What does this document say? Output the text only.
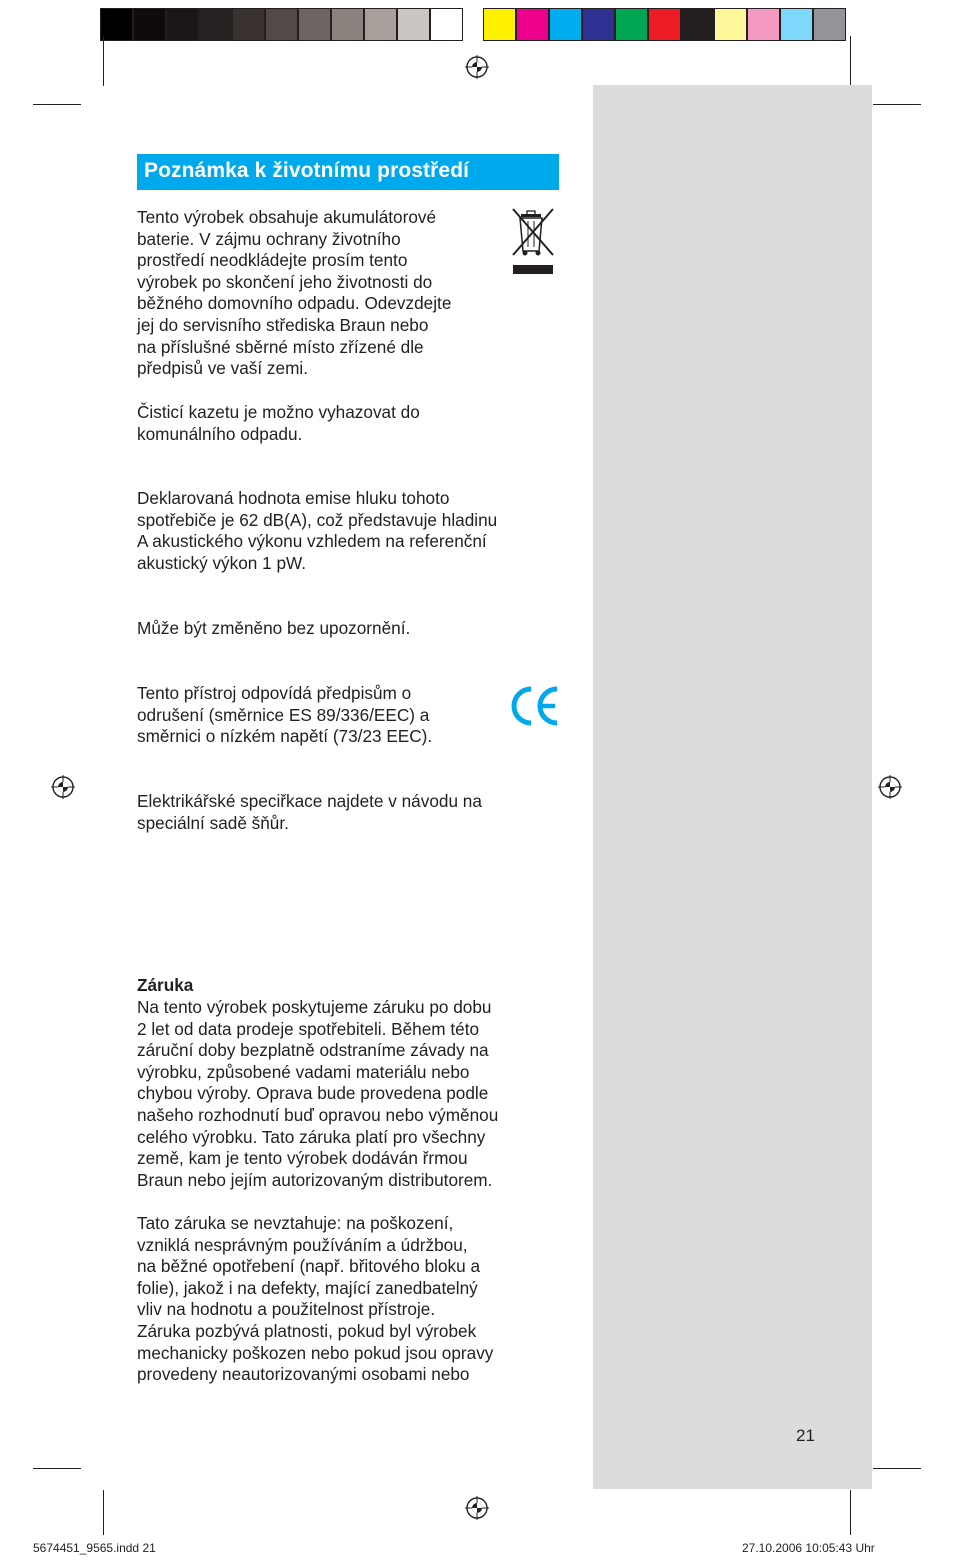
Poznámka k životnímu prostředí

Tento výrobek obsahuje akumulátorové
baterie. V zájmu ochrany životního
prostředí neodkládejte prosím tento
výrobek po skončení jeho životnosti do
běžného domovního odpadu. Odevzdejte
jej do servisního střediska Braun nebo
na příslušné sběrné místo zřízené dle
předpisů ve vaší zemi.

Čisticí kazetu je možno vyhazovat do
komunálního odpadu.

Deklarovaná hodnota emise hluku tohoto
spotřebiče je 62 dB(A), což představuje hladinu
A akustického výkonu vzhledem na referenční
akustický výkon 1 pW.

Může být změněno bez upozornění.

Tento přístroj odpovídá předpisům o
odrušení (směrnice ES 89/336/EEC) a
směrnici o nízkém napětí (73/23 EEC).

Elektrikářské speciřkace najdete v návodu na
speciální sadě šňůr.

Záruka

Na tento výrobek poskytujeme záruku po dobu
2 let od data prodeje spotřebiteli. Během této
záruční doby bezplatně odstraníme závady na
výrobku, způsobené vadami materiálu nebo
chybou výroby. Oprava bude provedena podle
našeho rozhodnutí buď opravou nebo výměnou
celého výrobku. Tato záruka platí pro všechny
země, kam je tento výrobek dodáván řrmou
Braun nebo jejím autorizovaným distributorem.

Tato záruka se nevztahuje: na poškození,
vzniklá nesprávným používáním a údržbou,
na běžné opotřebení (např. břitového bloku a
folie), jakož i na defekty, mající zanedbatelný
vliv na hodnotu a použitelnost přístroje.
Záruka pozbývá platnosti, pokud byl výrobek
mechanicky poškozen nebo pokud jsou opravy
provedeny neautorizovanými osobami nebo

21
5674451_9565.indd 21	27.10.2006 10:05:43 Uhr
